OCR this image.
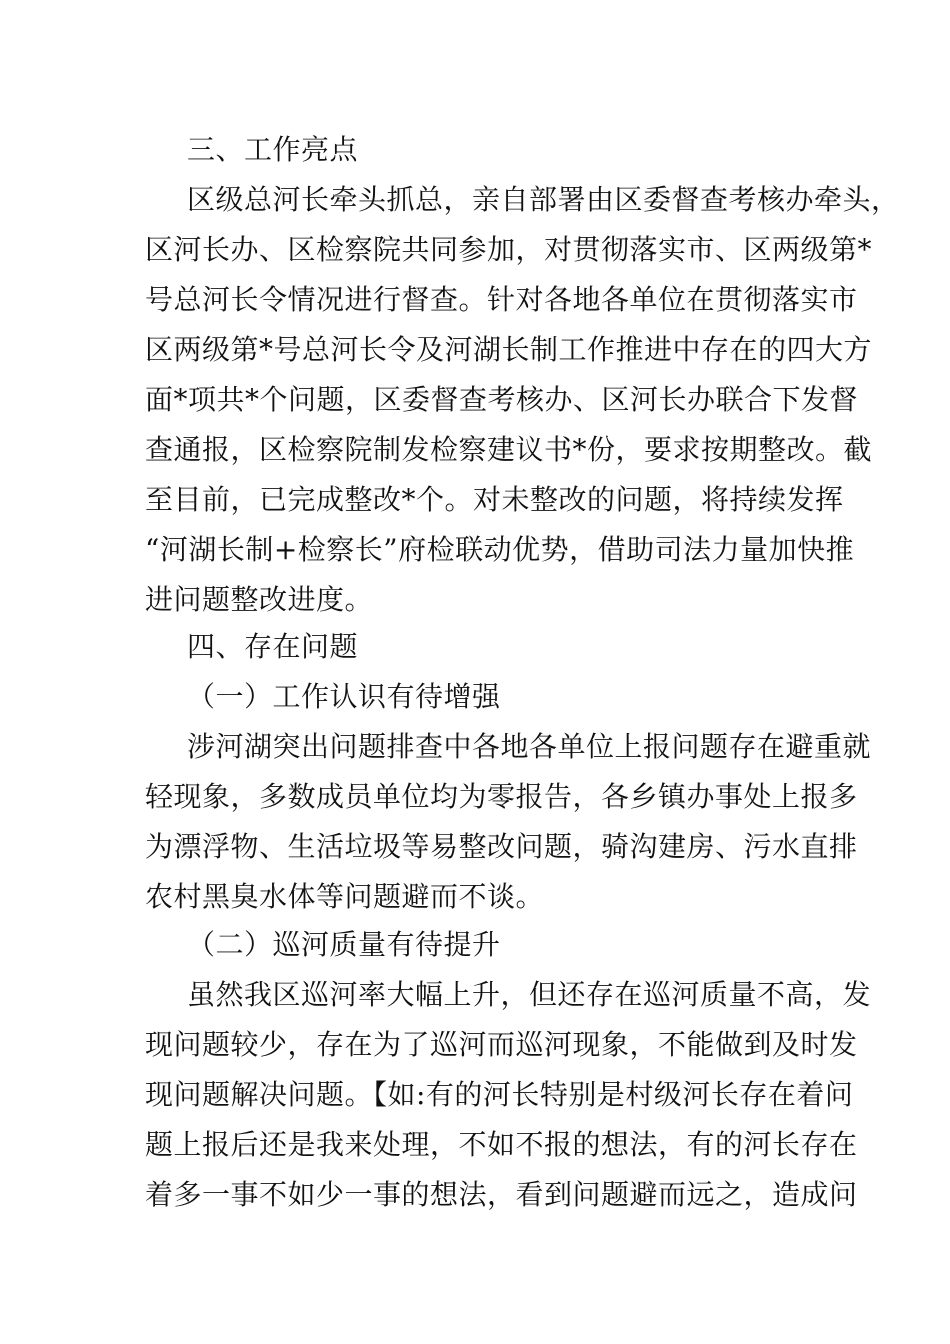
三、工作亮点
区级总河长牵头抓总，亲自部署由区委督查考核办牵头，
区河长办、区检察院共同参加，对贯彻落实市、区两级第*
号总河长令情况进行督查。针对各地各单位在贯彻落实市
区两级第*号总河长令及河湖长制工作推进中存在的四大方
面*项共*个问题，区委督查考核办、区河长办联合下发督
查通报，区检察院制发检察建议书*份，要求按期整改。截
至目前，已完成整改*个。对未整改的问题，将持续发挥
“河湖长制+检察长”府检联动优势，借助司法力量加快推
进问题整改进度。
四、存在问题
（一）工作认识有待增强
涉河湖突出问题排查中各地各单位上报问题存在避重就
轻现象，多数成员单位均为零报告，各乡镇办事处上报多
为漂浮物、生活垃圾等易整改问题，骑沟建房、污水直排
农村黑臭水体等问题避而不谈。
（二）巡河质量有待提升
虽然我区巡河率大幅上升，但还存在巡河质量不高，发
现问题较少，存在为了巡河而巡河现象，不能做到及时发
现问题解决问题。【如:有的河长特别是村级河长存在着问
题上报后还是我来处理，不如不报的想法，有的河长存在
着多一事不如少一事的想法，看到问题避而远之，造成问
